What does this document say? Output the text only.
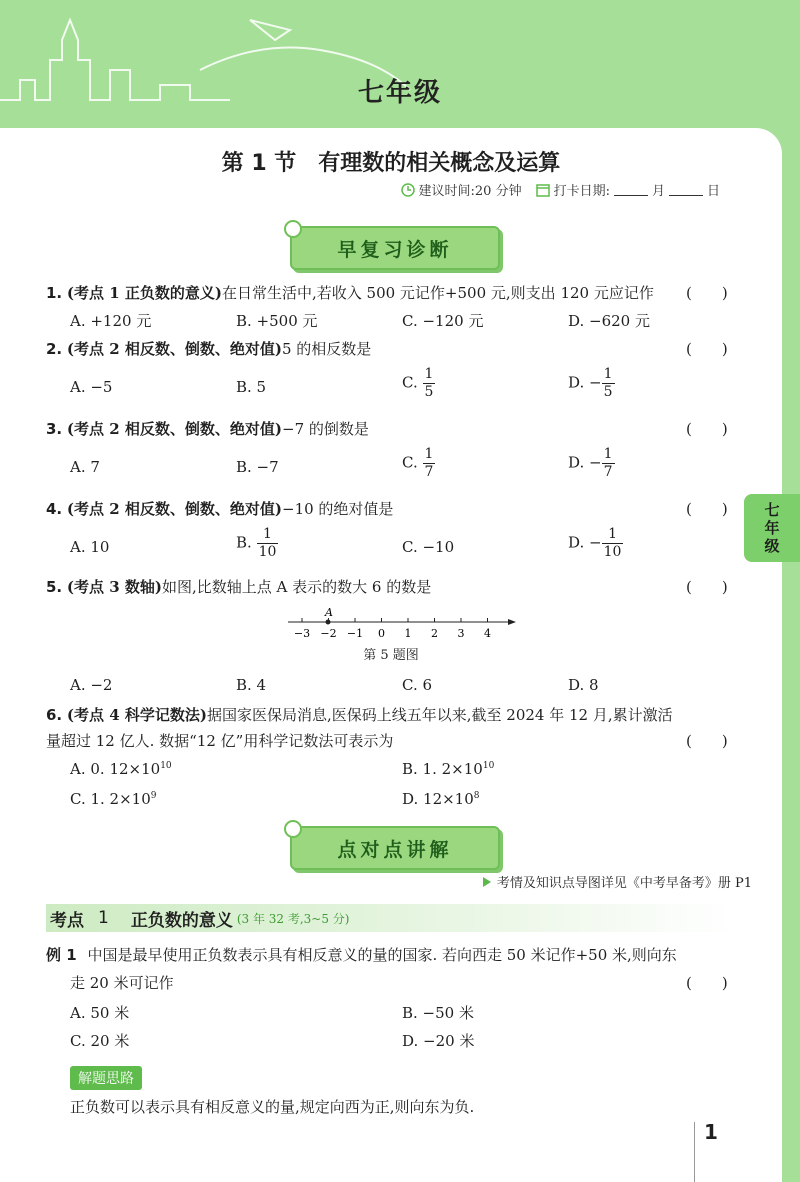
七年级
七年级
第 1 节　有理数的相关概念及运算
建议时间:20 分钟 打卡日期:	月	日
早复习诊断
1. (考点 1 正负数的意义)在日常生活中,若收入 500 元记作+500 元,则支出 120 元应记作 (　　)
A. +120 元	B. +500 元	C. −120 元	D. −620 元
2. (考点 2 相反数、倒数、绝对值)5 的相反数是	(　　)
A. −5	B. 5	C. $\frac{1}{5}$	D. − $\frac{1}{5}$
3. (考点 2 相反数、倒数、绝对值)−7 的倒数是	(　　)
A. 7	B. −7	C. $\frac{1}{7}$	D. − $\frac{1}{7}$
4. (考点 2 相反数、倒数、绝对值)−10 的绝对值是	(　　)
A. 10	B. $\frac{1}{10}$	C. −10	D. − $\frac{1}{10}$
5. (考点 3 数轴)如图,比数轴上点 A 表示的数大 6 的数是	(　　)
−3 −2 −1 0 1 2 3 4
A
第 5 题图
A. −2	B. 4	C. 6	D. 8
6. (考点 4 科学记数法)据国家医保局消息,医保码上线五年以来,截至 2024 年 12 月,累计激活
量超过 12 亿人. 数据“12 亿”用科学记数法可表示为	(　　)
A. 0. $12\times 10^{10}$	B. 1. $2\times 10^{10}$
C. 1. $2\times 10^9$	D. $12\times 10^8$
点对点讲解
考情及知识点导图详见《中考早备考》册 P1
考点 1 正负数的意义 (3 年 32 考,3~5 分)
例 1 中国是最早使用正负数表示具有相反意义的量的国家. 若向西走 50 米记作+50 米,则向东
走 20 米可记作	(　　)
A. 50 米	B. −50 米
C. 20 米	D. −20 米
解题思路
正负数可以表示具有相反意义的量,规定向西为正,则向东为负.
1
